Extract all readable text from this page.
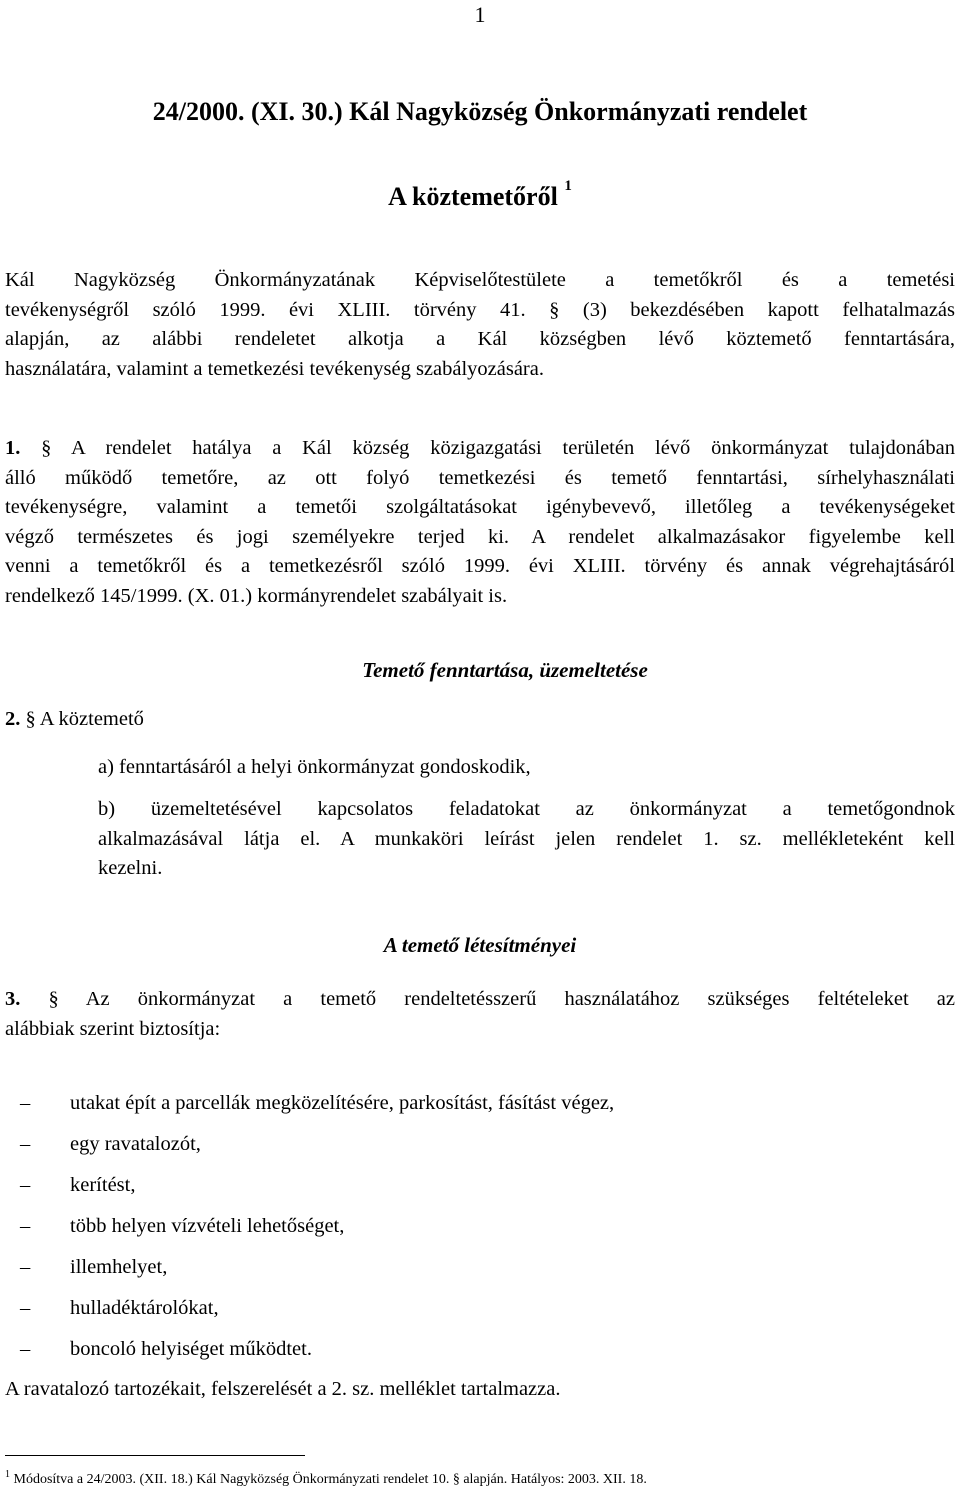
1
24/2000. (XI. 30.) Kál Nagyközség Önkormányzati rendelet
A köztemetőről $^1$
Kál Nagyközség Önkormányzatának Képviselőtestülete a temetőkről és a temetési
tevékenységről szóló 1999. évi XLIII. törvény 41. § (3) bekezdésében kapott felhatalmazás
alapján, az alábbi rendeletet alkotja a Kál községben lévő köztemető fenntartására,
használatára, valamint a temetkezési tevékenység szabályozására.
1. § A rendelet hatálya a Kál község közigazgatási területén lévő önkormányzat tulajdonában
álló működő temetőre, az ott folyó temetkezési és temető fenntartási, sírhelyhasználati
tevékenységre, valamint a temetői szolgáltatásokat igénybevevő, illetőleg a tevékenységeket
végző természetes és jogi személyekre terjed ki. A rendelet alkalmazásakor figyelembe kell
venni a temetőkről és a temetkezésről szóló 1999. évi XLIII. törvény és annak végrehajtásáról
rendelkező 145/1999. (X. 01.) kormányrendelet szabályait is.
Temető fenntartása, üzemeltetése
2. § A köztemető
a) fenntartásáról a helyi önkormányzat gondoskodik,
b) üzemeltetésével kapcsolatos feladatokat az önkormányzat a temetőgondnok
alkalmazásával látja el. A munkaköri leírást jelen rendelet 1. sz. mellékleteként kell
kezelni.
A temető létesítményei
3. § Az önkormányzat a temető rendeltetésszerű használatához szükséges feltételeket az
alábbiak szerint biztosítja:
– utakat épít a parcellák megközelítésére, parkosítást, fásítást végez,
– egy ravatalozót,
– kerítést,
– több helyen vízvételi lehetőséget,
– illemhelyet,
– hulladéktárolókat,
– boncoló helyiséget működtet.
A ravatalozó tartozékait, felszerelését a 2. sz. melléklet tartalmazza.
$^1$ Módosítva a 24/2003. (XII. 18.) Kál Nagyközség Önkormányzati rendelet 10. § alapján. Hatályos: 2003. XII. 18.
